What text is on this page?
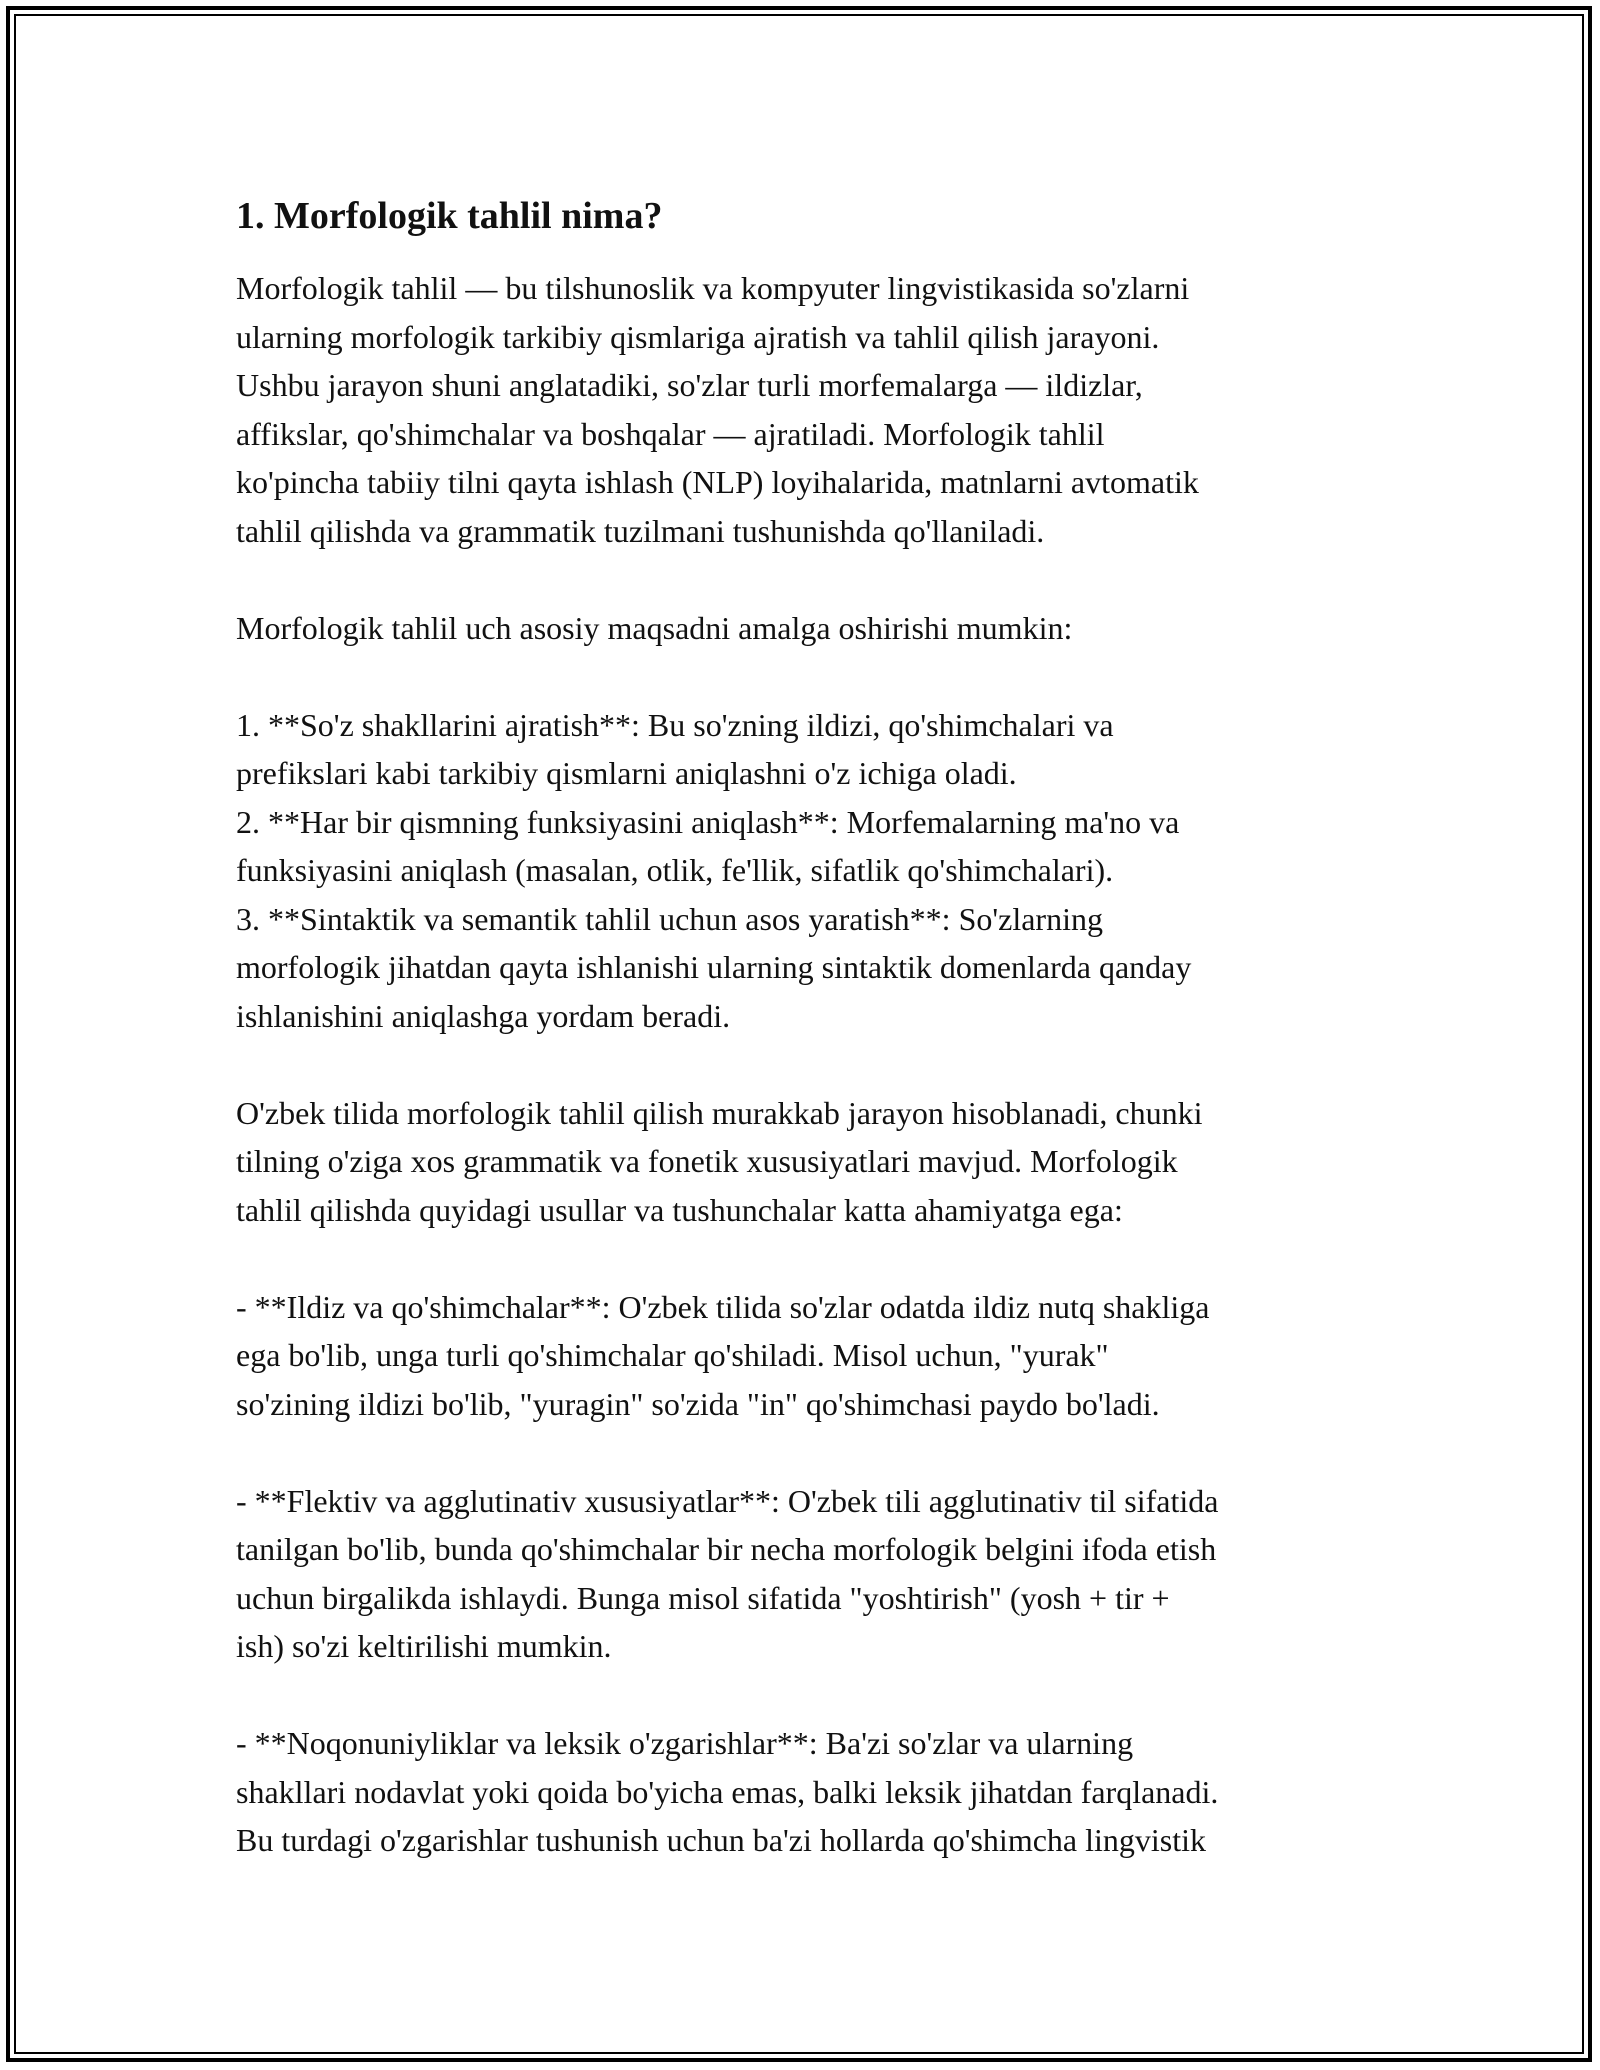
1. Morfologik tahlil nima?

Morfologik tahlil — bu tilshunoslik va kompyuter lingvistikasida so'zlarni
ularning morfologik tarkibiy qismlariga ajratish va tahlil qilish jarayoni.
Ushbu jarayon shuni anglatadiki, so'zlar turli morfemalarga — ildizlar,
affikslar, qo'shimchalar va boshqalar — ajratiladi. Morfologik tahlil
ko'pincha tabiiy tilni qayta ishlash (NLP) loyihalarida, matnlarni avtomatik
tahlil qilishda va grammatik tuzilmani tushunishda qo'llaniladi.

Morfologik tahlil uch asosiy maqsadni amalga oshirishi mumkin:

1. **So'z shakllarini ajratish**: Bu so'zning ildizi, qo'shimchalari va
prefikslari kabi tarkibiy qismlarni aniqlashni o'z ichiga oladi.
2. **Har bir qismning funksiyasini aniqlash**: Morfemalarning ma'no va
funksiyasini aniqlash (masalan, otlik, fe'llik, sifatlik qo'shimchalari).
3. **Sintaktik va semantik tahlil uchun asos yaratish**: So'zlarning
morfologik jihatdan qayta ishlanishi ularning sintaktik domenlarda qanday
ishlanishini aniqlashga yordam beradi.

O'zbek tilida morfologik tahlil qilish murakkab jarayon hisoblanadi, chunki
tilning o'ziga xos grammatik va fonetik xususiyatlari mavjud. Morfologik
tahlil qilishda quyidagi usullar va tushunchalar katta ahamiyatga ega:

- **Ildiz va qo'shimchalar**: O'zbek tilida so'zlar odatda ildiz nutq shakliga
ega bo'lib, unga turli qo'shimchalar qo'shiladi. Misol uchun, "yurak"
so'zining ildizi bo'lib, "yuragin" so'zida "in" qo'shimchasi paydo bo'ladi.

- **Flektiv va agglutinativ xususiyatlar**: O'zbek tili agglutinativ til sifatida
tanilgan bo'lib, bunda qo'shimchalar bir necha morfologik belgini ifoda etish
uchun birgalikda ishlaydi. Bunga misol sifatida "yoshtirish" (yosh + tir +
ish) so'zi keltirilishi mumkin.

- **Noqonuniyliklar va leksik o'zgarishlar**: Ba'zi so'zlar va ularning
shakllari nodavlat yoki qoida bo'yicha emas, balki leksik jihatdan farqlanadi.
Bu turdagi o'zgarishlar tushunish uchun ba'zi hollarda qo'shimcha lingvistik
